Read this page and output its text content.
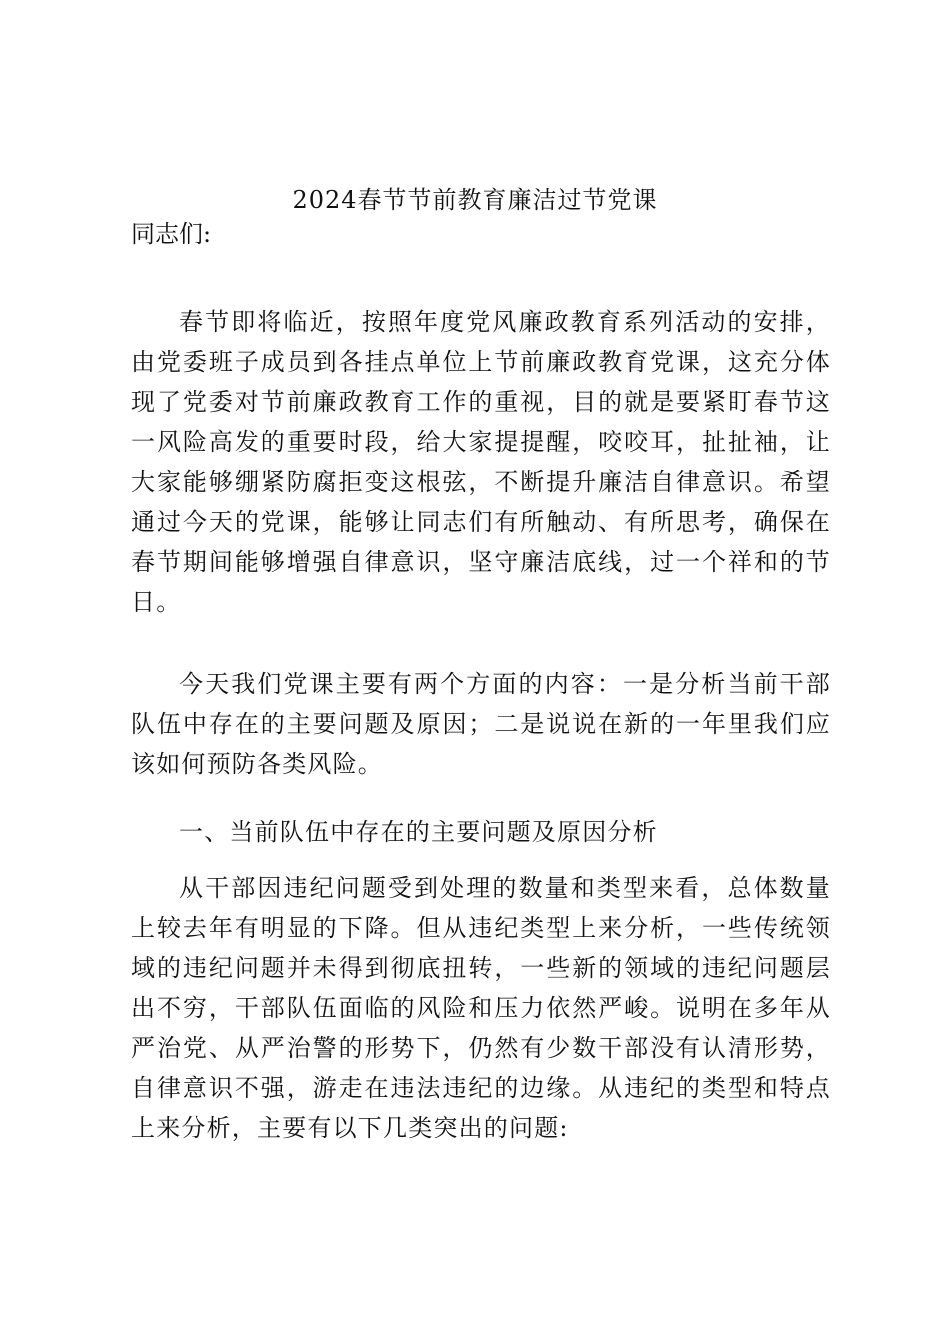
2024春节节前教育廉洁过节党课
同志们:
春节即将临近，按照年度党风廉政教育系列活动的安排，
由党委班子成员到各挂点单位上节前廉政教育党课，这充分体
现了党委对节前廉政教育工作的重视，目的就是要紧盯春节这
一风险高发的重要时段，给大家提提醒，咬咬耳，扯扯袖，让
大家能够绷紧防腐拒变这根弦，不断提升廉洁自律意识。希望
通过今天的党课，能够让同志们有所触动、有所思考，确保在
春节期间能够增强自律意识，坚守廉洁底线，过一个祥和的节
日。
今天我们党课主要有两个方面的内容：一是分析当前干部
队伍中存在的主要问题及原因；二是说说在新的一年里我们应
该如何预防各类风险。
一、当前队伍中存在的主要问题及原因分析
从干部因违纪问题受到处理的数量和类型来看，总体数量
上较去年有明显的下降。但从违纪类型上来分析，一些传统领
域的违纪问题并未得到彻底扭转，一些新的领域的违纪问题层
出不穷，干部队伍面临的风险和压力依然严峻。说明在多年从
严治党、从严治警的形势下，仍然有少数干部没有认清形势，
自律意识不强，游走在违法违纪的边缘。从违纪的类型和特点
上来分析，主要有以下几类突出的问题:
